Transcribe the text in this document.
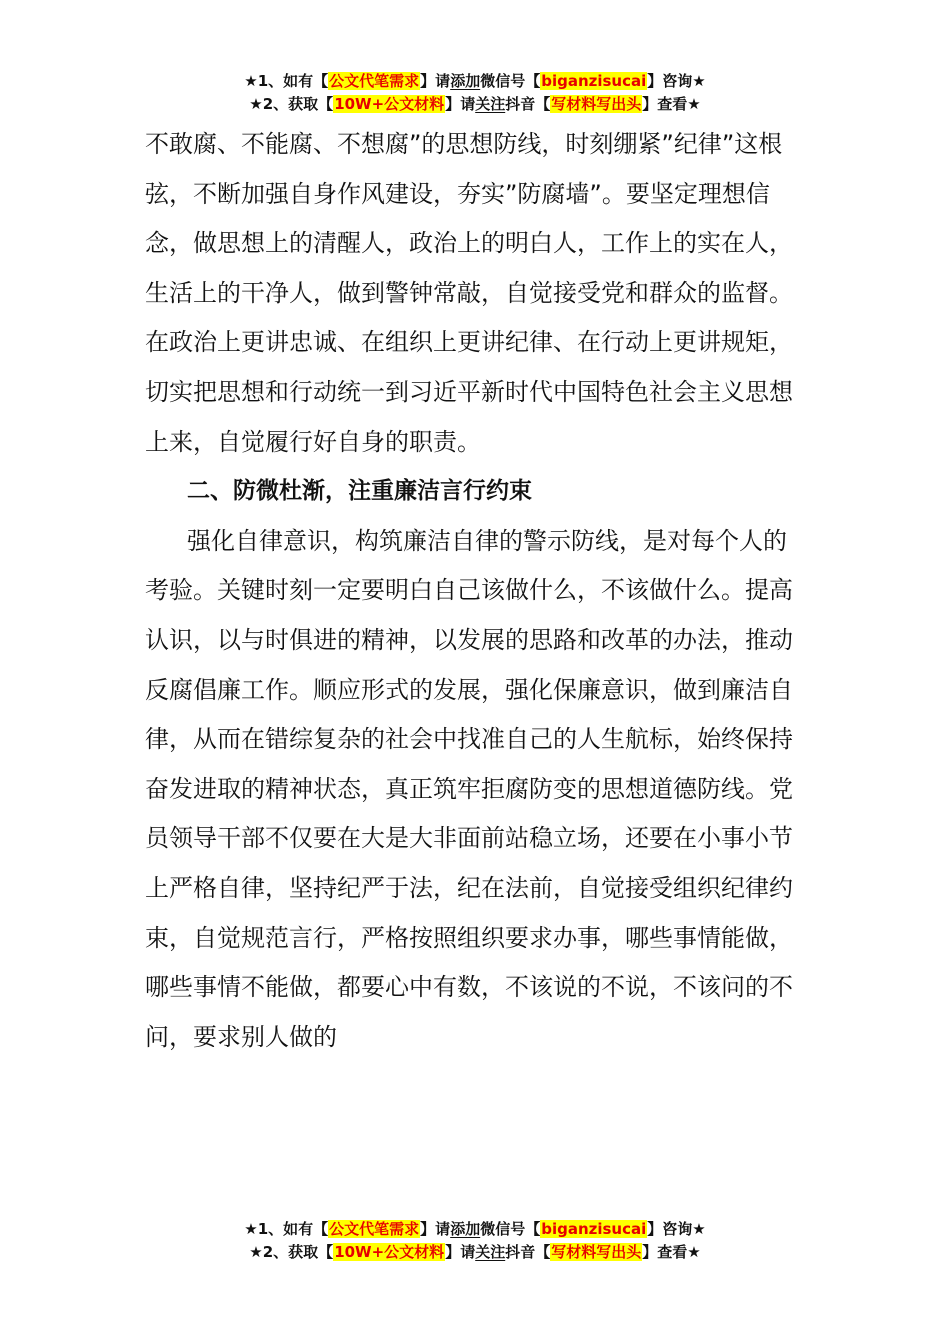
★1、如有【公文代笔需求】请添加微信号【biganzisucai】咨询★
★2、获取【10W+公文材料】请关注抖音【写材料写出头】查看★

不敢腐、不能腐、不想腐”的思想防线，时刻绷紧”纪律”这根弦，不断加强自身作风建设，夯实”防腐墙”。要坚定理想信念，做思想上的清醒人，政治上的明白人，工作上的实在人，生活上的干净人，做到警钟常敲，自觉接受党和群众的监督。在政治上更讲忠诚、在组织上更讲纪律、在行动上更讲规矩，切实把思想和行动统一到习近平新时代中国特色社会主义思想上来，自觉履行好自身的职责。

二、防微杜渐，注重廉洁言行约束

强化自律意识，构筑廉洁自律的警示防线，是对每个人的考验。关键时刻一定要明白自己该做什么，不该做什么。提高认识，以与时俱进的精神，以发展的思路和改革的办法，推动反腐倡廉工作。顺应形式的发展，强化保廉意识，做到廉洁自律，从而在错综复杂的社会中找准自己的人生航标，始终保持奋发进取的精神状态，真正筑牢拒腐防变的思想道德防线。党员领导干部不仅要在大是大非面前站稳立场，还要在小事小节上严格自律，坚持纪严于法，纪在法前，自觉接受组织纪律约束，自觉规范言行，严格按照组织要求办事，哪些事情能做，哪些事情不能做，都要心中有数，不该说的不说，不该问的不问，要求别人做的

★1、如有【公文代笔需求】请添加微信号【biganzisucai】咨询★
★2、获取【10W+公文材料】请关注抖音【写材料写出头】查看★
